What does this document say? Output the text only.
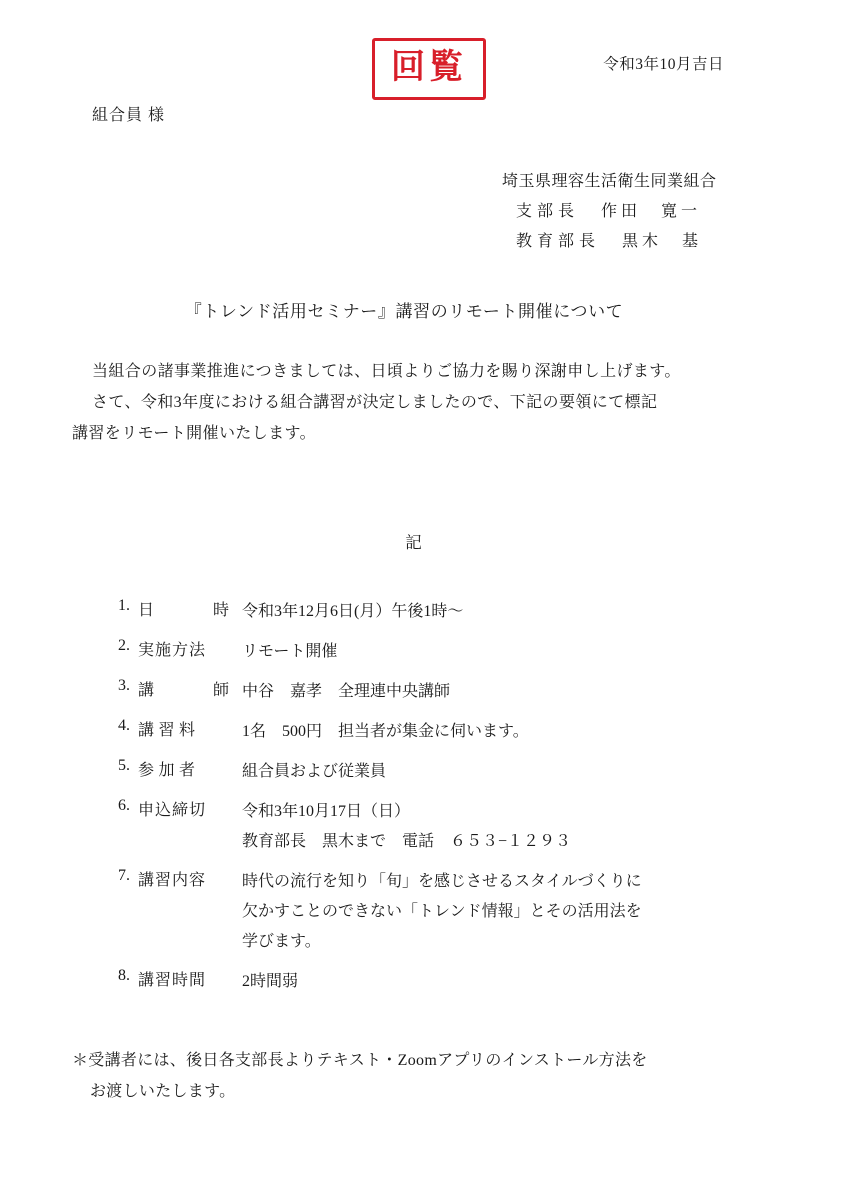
回覧	令和3年10月吉日
組合員 様
埼玉県理容生活衛生同業組合
支部長 作田　寛一
教育部長 黒木　基
『トレンド活用セミナー』講習のリモート開催について

当組合の諸事業推進につきましては、日頃よりご協力を賜り深謝申し上げます。

さて、令和3年度における組合講習が決定しましたので、下記の要領にて標記

講習をリモート開催いたします。

記
1. 日　　時 令和3年12月6日(月）午後1時〜
2. 実施方法	リモート開催
3. 講　　師 中谷　嘉孝　全理連中央講師
4. 講習料	1名　500円　担当者が集金に伺います。
5. 参加者	組合員および従業員
6. 申込締切	令和3年10月17日（日）
教育部長　黒木まで　電話　６５３−１２９３
7. 講習内容	時代の流行を知り「旬」を感じさせるスタイルづくりに
欠かすことのできない「トレンド情報」とその活用法を
学びます。
8. 講習時間	2時間弱
＊受講者には、後日各支部長よりテキスト・Zoomアプリのインストール方法を
お渡しいたします。
